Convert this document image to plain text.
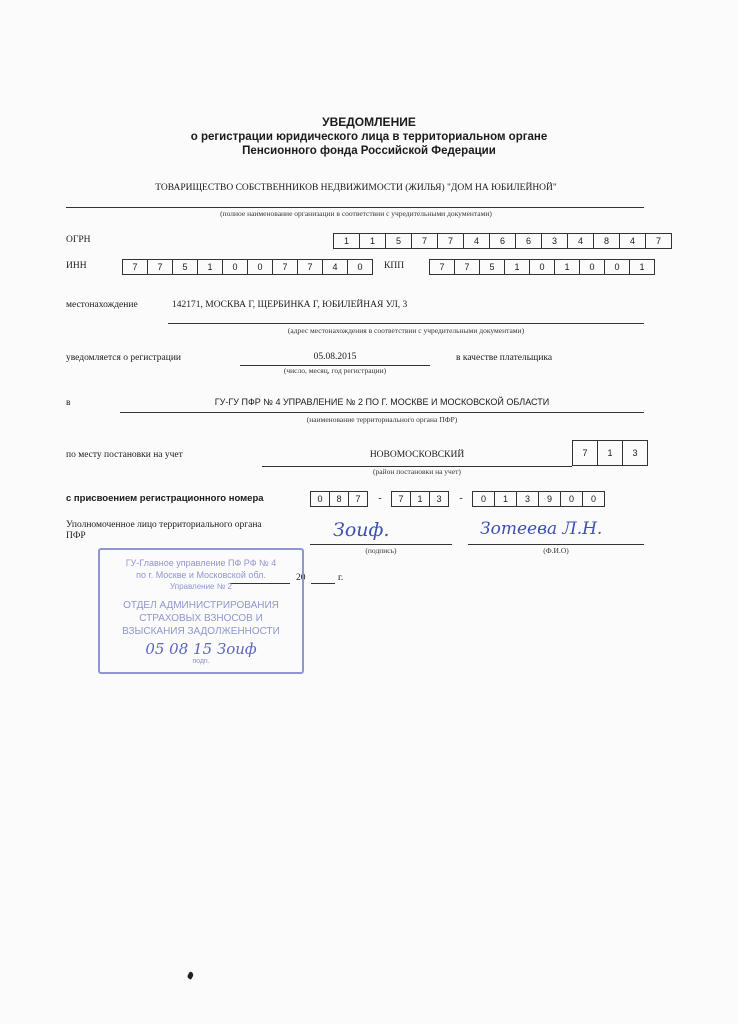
УВЕДОМЛЕНИЕ
о регистрации юридического лица в территориальном органе
Пенсионного фонда Российской Федерации
ТОВАРИЩЕСТВО СОБСТВЕННИКОВ НЕДВИЖИМОСТИ (ЖИЛЬЯ) "ДОМ НА ЮБИЛЕЙНОЙ"
(полное наименование организации в соответствии с учредительными документами)
ОГРН	1	1	5	7	7	4	6	6	3	4	8	4	7
ИНН	7	7	5	1	0	0	7	7	4	0	КПП	7	7	5	1	0	1	0	0	1
местонахождение	142171, МОСКВА Г, ЩЕРБИНКА Г, ЮБИЛЕЙНАЯ УЛ, 3
(адрес местонахождения в соответствии с учредительными документами)
уведомляется о регистрации	05.08.2015
(число, месяц, год регистрации)
в качестве плательщика
в	ГУ-ГУ ПФР № 4 УПРАВЛЕНИЕ № 2 ПО Г. МОСКВЕ И МОСКОВСКОЙ ОБЛАСТИ
(наименование территориального органа ПФР)
по месту постановки на учет	НОВОМОСКОВСКИЙ
(район постановки на учет)
7	1	3
с присвоением регистрационного номера	0	8	7	-	7	1	3	-	0	1	3	9	0	0
Уполномоченное лицо территориального органа
ПФР	Зоиф.
(подпись)
Зотеева Л.Н.
(Ф.И.О)
20	г.
ГУ-Главное управление ПФ РФ № 4
по г. Москве и Московской обл.
Управление № 2
ОТДЕЛ АДМИНИСТРИРОВАНИЯ
СТРАХОВЫХ ВЗНОСОВ И
ВЗЫСКАНИЯ ЗАДОЛЖЕННОСТИ
05 08 15 Зоиф
подп.
